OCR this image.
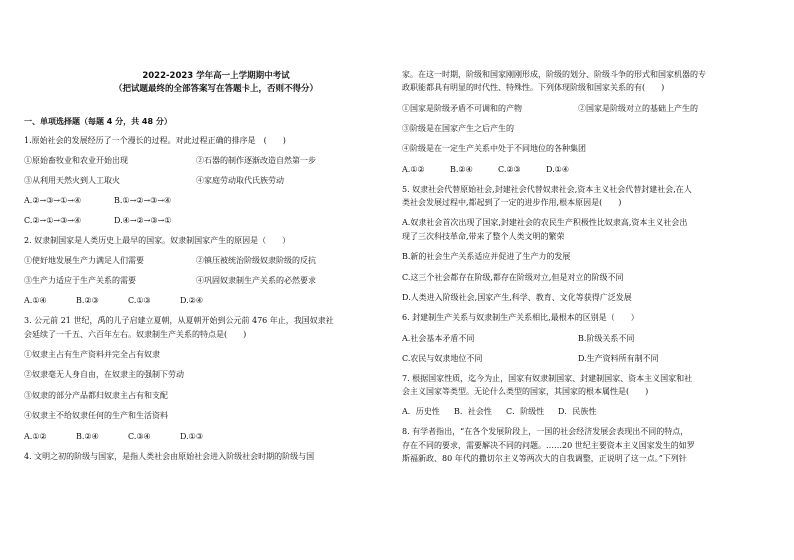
2022-2023 学年高一上学期期中考试
（把试题最终的全部答案写在答题卡上，否则不得分）
一、单项选择题（每题 4 分，共 48 分）
1.原始社会的发展经历了一个漫长的过程。对此过程正确的排序是　(　　)
①原始畜牧业和农业开始出现	②石器的制作逐渐改造自然第一步
③从利用天然火到人工取火	④家庭劳动取代氏族劳动
A.②→③→①→④	B.①→②→③→④
C.②→①→③→④	D.④→②→③→①
2. 奴隶制国家是人类历史上最早的国家。奴隶制国家产生的原因是（　　）
①使好地发展生产力满足人们需要	②镇压被统治阶级奴隶阶级的反抗
③生产力适应于生产关系的需要	④巩固奴隶制生产关系的必然要求
A.①④	B.②③	C.①③	D.②④
3. 公元前 21 世纪，禹的儿子启建立夏朝，从夏朝开始到公元前 476 年止，我国奴隶社
会延续了一千五、六百年左右。奴隶制生产关系的特点是(　　)
①奴隶主占有生产资料并完全占有奴隶
②奴隶毫无人身自由，在奴隶主的强制下劳动
③奴隶的部分产品都归奴隶主占有和支配
④奴隶主不给奴隶任何的生产和生活资料
A.①②	B.②④	C.③④	D.①③
4. 文明之初的阶级与国家，是指人类社会由原始社会进入阶级社会时期的阶级与国
家。在这一时期，阶级和国家刚刚形成，阶级的划分、阶级斗争的形式和国家机器的专
政职能都具有明显的时代性、特殊性。下列体现阶级和国家关系的有(　　)
①国家是阶级矛盾不可调和的产物	②国家是阶级对立的基础上产生的
③阶级是在国家产生之后产生的
④阶级是在一定生产关系中处于不同地位的各种集团
A.①②	B.②④	C.②③	D.①④
5. 奴隶社会代替原始社会,封建社会代替奴隶社会,资本主义社会代替封建社会,在人
类社会发展过程中,都起到了一定的进步作用,根本原因是(　　)
A.奴隶社会首次出现了国家,封建社会的农民生产积极性比奴隶高,资本主义社会出
现了三次科技革命,带来了整个人类文明的繁荣
B.新的社会生产关系适应并促进了生产力的发展
C.这三个社会都存在阶级,都存在阶级对立,但是对立的阶级不同
D.人类进入阶级社会,国家产生,科学、教育、文化等获得广泛发展
6. 封建制生产关系与奴隶制生产关系相比,最根本的区别是（　　）
A.社会基本矛盾不同	B.阶级关系不同
C.农民与奴隶地位不同	D.生产资料所有制不同
7. 根据国家性质，迄今为止，国家有奴隶制国家、封建制国家、资本主义国家和社
会主义国家等类型。无论什么类型的国家，其国家的根本属性是(　　)
A．历史性	B．社会性	C．阶级性	D．民族性
8. 有学者指出，“在各个发展阶段上，一国的社会经济发展会表现出不同的特点，
存在不同的要求，需要解决不同的问题。……20 世纪主要资本主义国家发生的如罗
斯福新政、80 年代的撒切尔主义等两次大的自我调整，正说明了这一点。”下列针
